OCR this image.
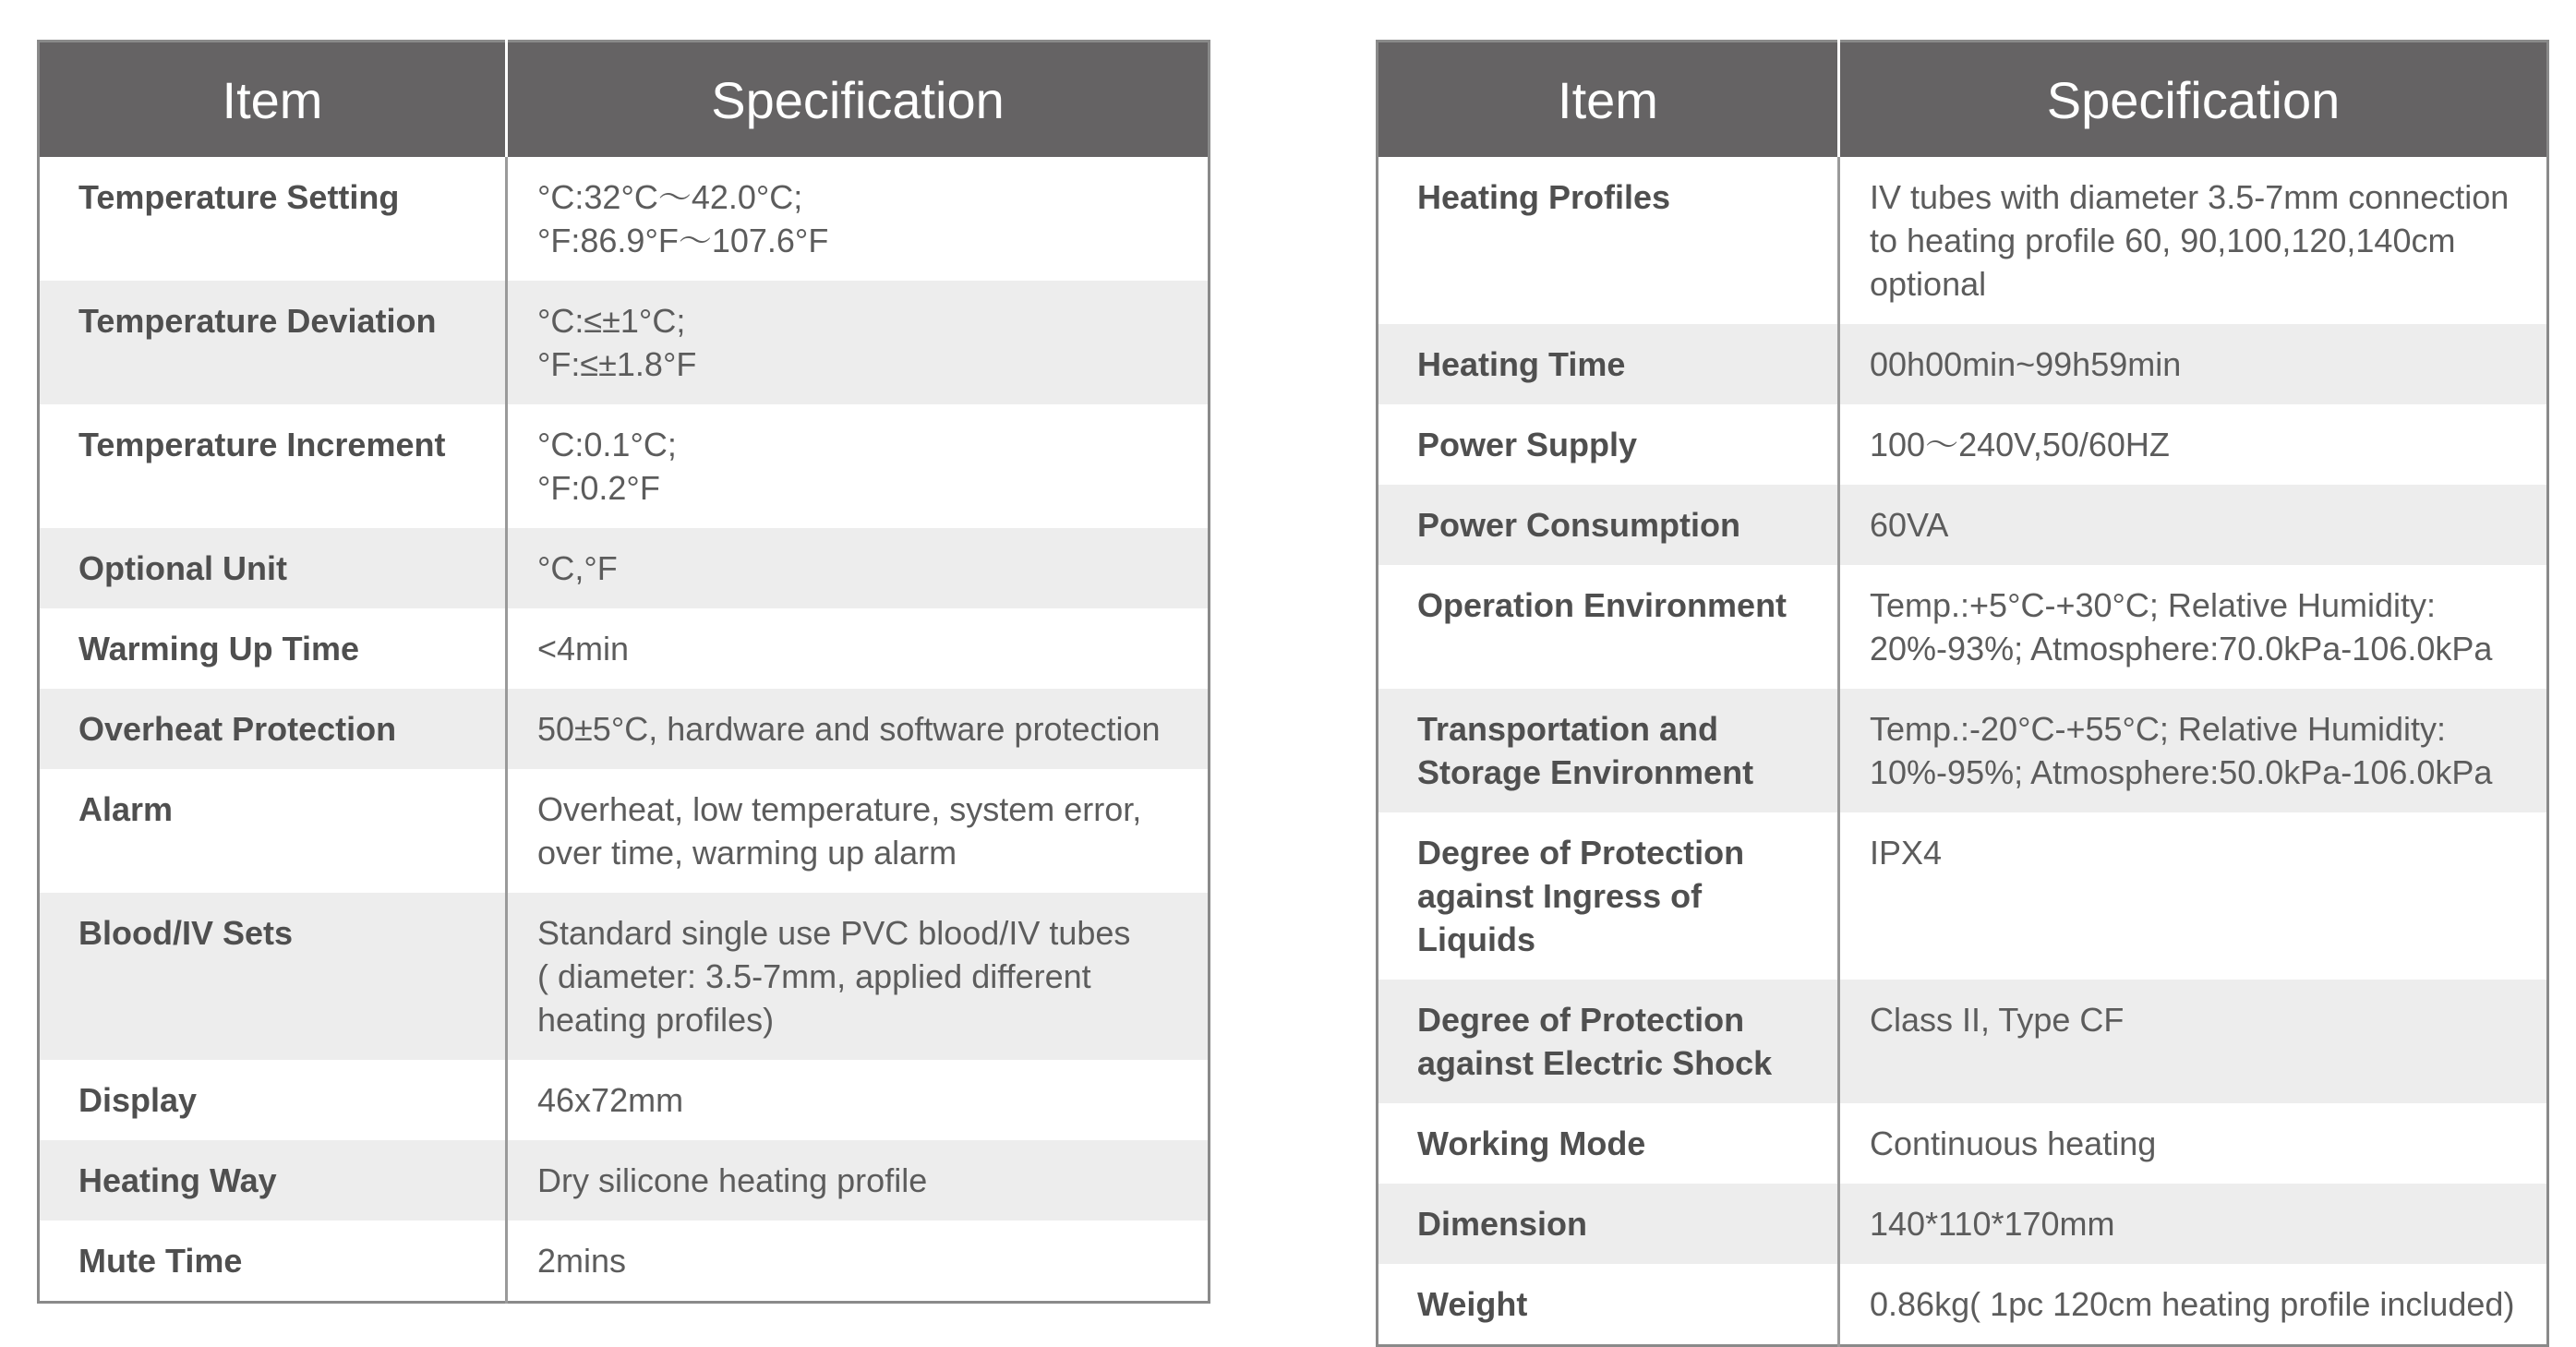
Item	Specification
Temperature Setting	°C:32°C～42.0°C;
°F:86.9°F～107.6°F
Temperature Deviation	°C:≤±1°C;
°F:≤±1.8°F
Temperature Increment	°C:0.1°C;
°F:0.2°F
Optional Unit	°C,°F
Warming Up Time	<4min
Overheat Protection	50±5°C, hardware and software protection
Alarm	Overheat, low temperature, system error,
over time, warming up alarm
Blood/IV Sets	Standard single use PVC blood/IV tubes
( diameter: 3.5-7mm, applied different
heating profiles)
Display	46x72mm
Heating Way	Dry silicone heating profile
Mute Time	2mins
Item	Specification
Heating Profiles	IV tubes with diameter 3.5-7mm connection
to heating profile 60, 90,100,120,140cm
optional
Heating Time	00h00min~99h59min
Power Supply	100～240V,50/60HZ
Power Consumption	60VA
Operation Environment	Temp.:+5°C-+30°C; Relative Humidity:
20%-93%; Atmosphere:70.0kPa-106.0kPa
Transportation and
Storage Environment	Temp.:-20°C-+55°C; Relative Humidity:
10%-95%; Atmosphere:50.0kPa-106.0kPa
Degree of Protection
against Ingress of Liquids	IPX4
Degree of Protection
against Electric Shock	Class II, Type CF
Working Mode	Continuous heating
Dimension	140*110*170mm
Weight	0.86kg( 1pc 120cm heating profile included)
